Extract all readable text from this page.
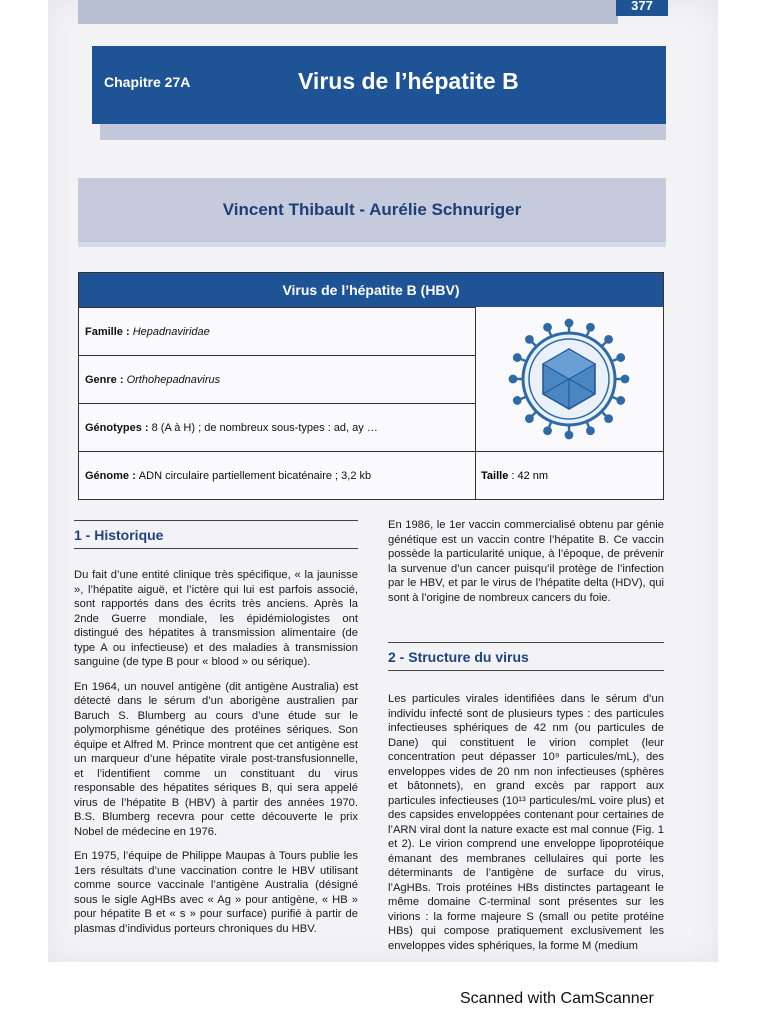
377
Chapitre 27A	Virus de l’hépatite B
Vincent Thibault - Aurélie Schnuriger
Virus de l’hépatite B (HBV)
Famille : Hepadnaviridae
Genre : Orthohepadnavirus
Génotypes : 8 (A à H) ; de nombreux sous-types : ad, ay …
Génome : ADN circulaire partiellement bicaténaire ; 3,2 kb	Taille : 42 nm
1 - Historique

Du fait d’une entité clinique très spécifique, « la jaunisse », l’hépatite aiguë, et l’ictère qui lui est parfois associé, sont rapportés dans des écrits très anciens. Après la 2nde Guerre mondiale, les épidémiologistes ont distingué des hépatites à transmission alimentaire (de type A ou infectieuse) et des maladies à transmission sanguine (de type B pour « blood » ou sérique).

En 1964, un nouvel antigène (dit antigène Australia) est détecté dans le sérum d’un aborigène australien par Baruch S. Blumberg au cours d’une étude sur le polymorphisme génétique des protéines sériques. Son équipe et Alfred M. Prince montrent que cet antigène est un marqueur d’une hépatite virale post-transfusionnelle, et l’identifient comme un constituant du virus responsable des hépatites sériques B, qui sera appelé virus de l’hépatite B (HBV) à partir des années 1970. B.S. Blumberg recevra pour cette découverte le prix Nobel de médecine en 1976.

En 1975, l’équipe de Philippe Maupas à Tours publie les 1ers résultats d’une vaccination contre le HBV utilisant comme source vaccinale l’antigène Australia (désigné sous le sigle AgHBs avec « Ag » pour antigène, « HB » pour hépatite B et « s » pour surface) purifié à partir de plasmas d’individus porteurs chroniques du HBV.

En 1986, le 1er vaccin commercialisé obtenu par génie génétique est un vaccin contre l’hépatite B. Ce vaccin possède la particularité unique, à l’époque, de prévenir la survenue d’un cancer puisqu’il protège de l’infection par le HBV, et par le virus de l’hépatite delta (HDV), qui sont à l’origine de nombreux cancers du foie.

2 - Structure du virus

Les particules virales identifiées dans le sérum d’un individu infecté sont de plusieurs types : des particules infectieuses sphériques de 42 nm (ou particules de Dane) qui constituent le virion complet (leur concentration peut dépasser 10⁹ particules/mL), des enveloppes vides de 20 nm non infectieuses (sphères et bâtonnets), en grand excès par rapport aux particules infectieuses (10¹³ particules/mL voire plus) et des capsides enveloppées contenant pour certaines de l’ARN viral dont la nature exacte est mal connue (Fig. 1 et 2). Le virion comprend une enveloppe lipoprotéique émanant des membranes cellulaires qui porte les déterminants de l’antigène de surface du virus, l’AgHBs. Trois protéines HBs distinctes partageant le même domaine C-terminal sont présentes sur les virions : la forme majeure S (small ou petite protéine HBs) qui compose pratiquement exclusivement les enveloppes vides sphériques, la forme M (medium

Scanned with CamScanner
